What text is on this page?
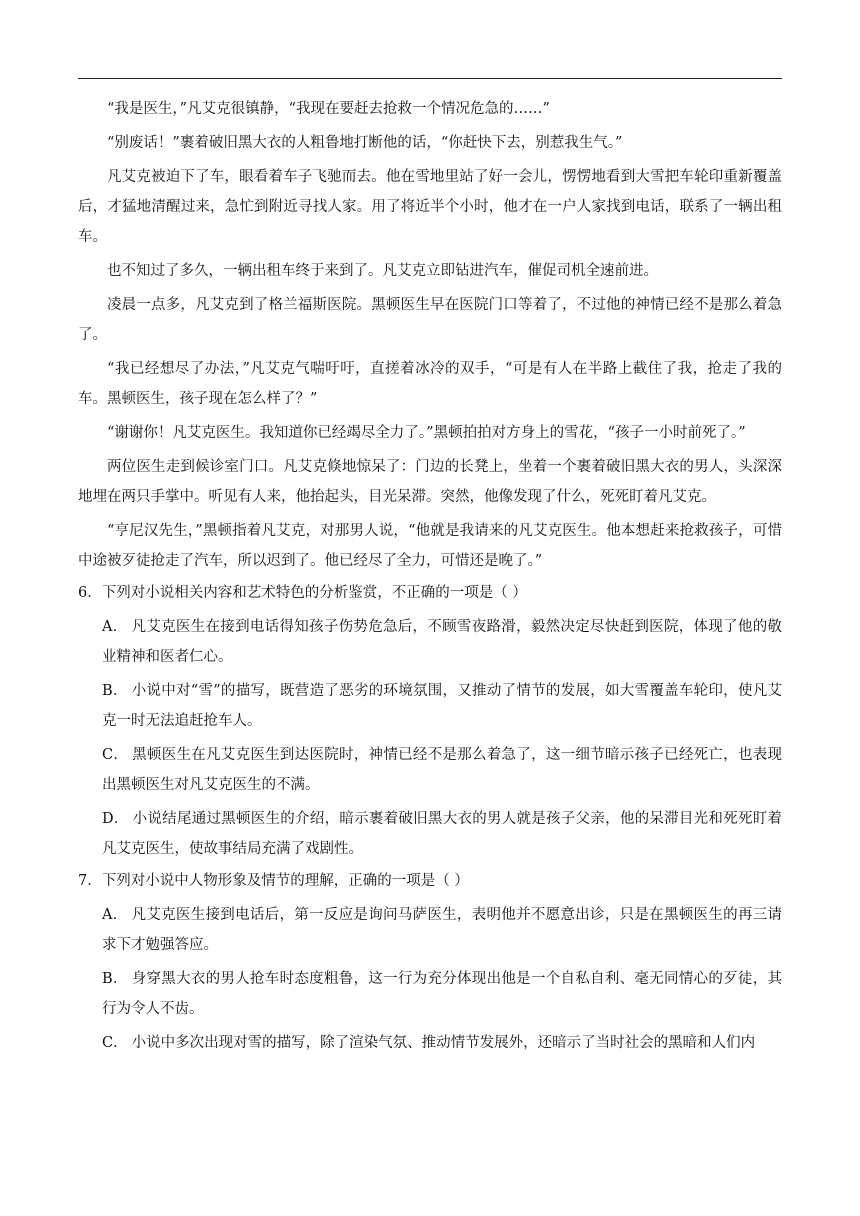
“我是医生，”凡艾克很镇静，“我现在要赶去抢救一个情况危急的……”

“别废话！”裹着破旧黑大衣的人粗鲁地打断他的话，“你赶快下去，别惹我生气。”

凡艾克被迫下了车，眼看着车子飞驰而去。他在雪地里站了好一会儿，愣愣地看到大雪把车轮印重新覆盖后，才猛地清醒过来，急忙到附近寻找人家。用了将近半个小时，他才在一户人家找到电话，联系了一辆出租车。

也不知过了多久，一辆出租车终于来到了。凡艾克立即钻进汽车，催促司机全速前进。

凌晨一点多，凡艾克到了格兰福斯医院。黑顿医生早在医院门口等着了，不过他的神情已经不是那么着急了。

“我已经想尽了办法，”凡艾克气喘吁吁，直搓着冰冷的双手，“可是有人在半路上截住了我，抢走了我的车。黑顿医生，孩子现在怎么样了？”

“谢谢你！凡艾克医生。我知道你已经竭尽全力了。”黑顿拍拍对方身上的雪花，“孩子一小时前死了。”

两位医生走到候诊室门口。凡艾克倏地惊呆了：门边的长凳上，坐着一个裹着破旧黑大衣的男人，头深深地埋在两只手掌中。听见有人来，他抬起头，目光呆滞。突然，他像发现了什么，死死盯着凡艾克。

“亨尼汉先生，”黑顿指着凡艾克，对那男人说，“他就是我请来的凡艾克医生。他本想赶来抢救孩子，可惜中途被歹徒抢走了汽车，所以迟到了。他已经尽了全力，可惜还是晚了。”

6．下列对小说相关内容和艺术特色的分析鉴赏，不正确的一项是（ ）

A． 凡艾克医生在接到电话得知孩子伤势危急后，不顾雪夜路滑，毅然决定尽快赶到医院，体现了他的敬业精神和医者仁心。

B． 小说中对“雪”的描写，既营造了恶劣的环境氛围，又推动了情节的发展，如大雪覆盖车轮印，使凡艾克一时无法追赶抢车人。

C． 黑顿医生在凡艾克医生到达医院时，神情已经不是那么着急了，这一细节暗示孩子已经死亡，也表现出黑顿医生对凡艾克医生的不满。

D． 小说结尾通过黑顿医生的介绍，暗示裹着破旧黑大衣的男人就是孩子父亲，他的呆滞目光和死死盯着凡艾克医生，使故事结局充满了戏剧性。

7．下列对小说中人物形象及情节的理解，正确的一项是（ ）

A． 凡艾克医生接到电话后，第一反应是询问马萨医生，表明他并不愿意出诊，只是在黑顿医生的再三请求下才勉强答应。

B． 身穿黑大衣的男人抢车时态度粗鲁，这一行为充分体现出他是一个自私自利、毫无同情心的歹徒，其行为令人不齿。

C． 小说中多次出现对雪的描写，除了渲染气氛、推动情节发展外，还暗示了当时社会的黑暗和人们内
